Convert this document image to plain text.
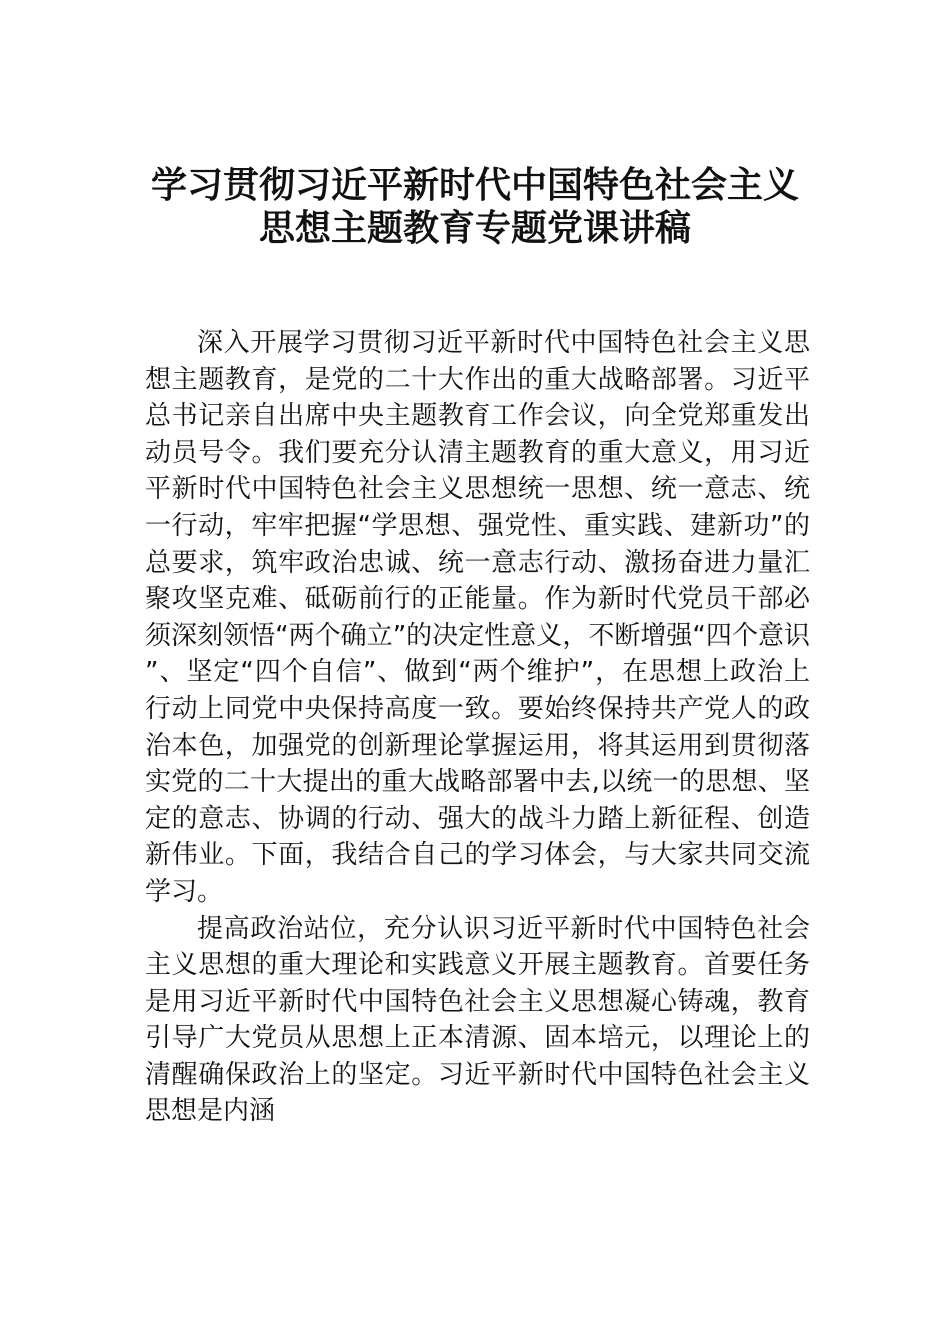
学习贯彻习近平新时代中国特色社会主义
思想主题教育专题党课讲稿

深入开展学习贯彻习近平新时代中国特色社会主义思想主题教育，是党的二十大作出的重大战略部署。习近平总书记亲自出席中央主题教育工作会议，向全党郑重发出动员号令。我们要充分认清主题教育的重大意义，用习近平新时代中国特色社会主义思想统一思想、统一意志、统一行动，牢牢把握“学思想、强党性、重实践、建新功”的总要求，筑牢政治忠诚、统一意志行动、激扬奋进力量汇聚攻坚克难、砥砺前行的正能量。作为新时代党员干部必须深刻领悟“两个确立”的决定性意义，不断增强“四个意识”、坚定“四个自信”、做到“两个维护”，在思想上政治上行动上同党中央保持高度一致。要始终保持共产党人的政治本色，加强党的创新理论掌握运用，将其运用到贯彻落实党的二十大提出的重大战略部署中去,以统一的思想、坚定的意志、协调的行动、强大的战斗力踏上新征程、创造新伟业。下面，我结合自己的学习体会，与大家共同交流学习。

提高政治站位，充分认识习近平新时代中国特色社会主义思想的重大理论和实践意义开展主题教育。首要任务是用习近平新时代中国特色社会主义思想凝心铸魂，教育引导广大党员从思想上正本清源、固本培元，以理论上的清醒确保政治上的坚定。习近平新时代中国特色社会主义思想是内涵
